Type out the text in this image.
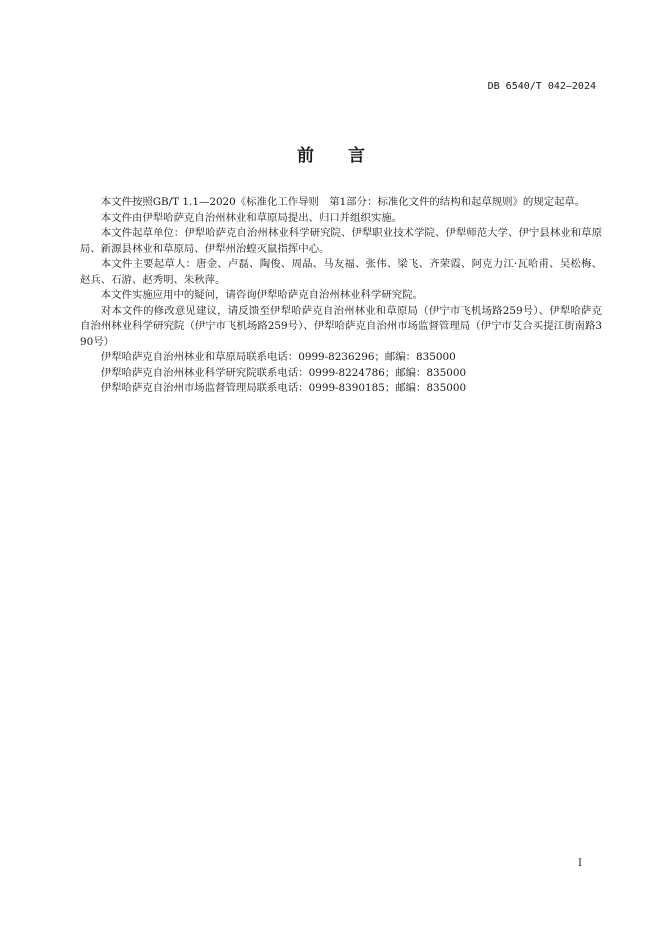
DB 6540/T 042—2024
前　　言

本文件按照GB/T 1.1—2020《标准化工作导则　第1部分：标准化文件的结构和起草规则》的规定起草。

本文件由伊犁哈萨克自治州林业和草原局提出、归口并组织实施。

本文件起草单位：伊犁哈萨克自治州林业科学研究院、伊犁职业技术学院、伊犁师范大学、伊宁县林业和草原局、新源县林业和草原局、伊犁州治蝗灭鼠指挥中心。

本文件主要起草人：唐金、卢磊、陶俊、周晶、马友福、张伟、梁飞、齐荣霞、阿克力江·瓦哈甫、吴松梅、赵兵、石游、赵秀明、朱秋萍。

本文件实施应用中的疑问，请咨询伊犁哈萨克自治州林业科学研究院。

对本文件的修改意见建议，请反馈至伊犁哈萨克自治州林业和草原局（伊宁市飞机场路259号）、伊犁哈萨克自治州林业科学研究院（伊宁市飞机场路259号）、伊犁哈萨克自治州市场监督管理局（伊宁市艾合买提江街南路390号）

伊犁哈萨克自治州林业和草原局联系电话：0999-8236296；邮编：835000

伊犁哈萨克自治州林业科学研究院联系电话：0999-8224786；邮编：835000

伊犁哈萨克自治州市场监督管理局联系电话：0999-8390185；邮编：835000

I
